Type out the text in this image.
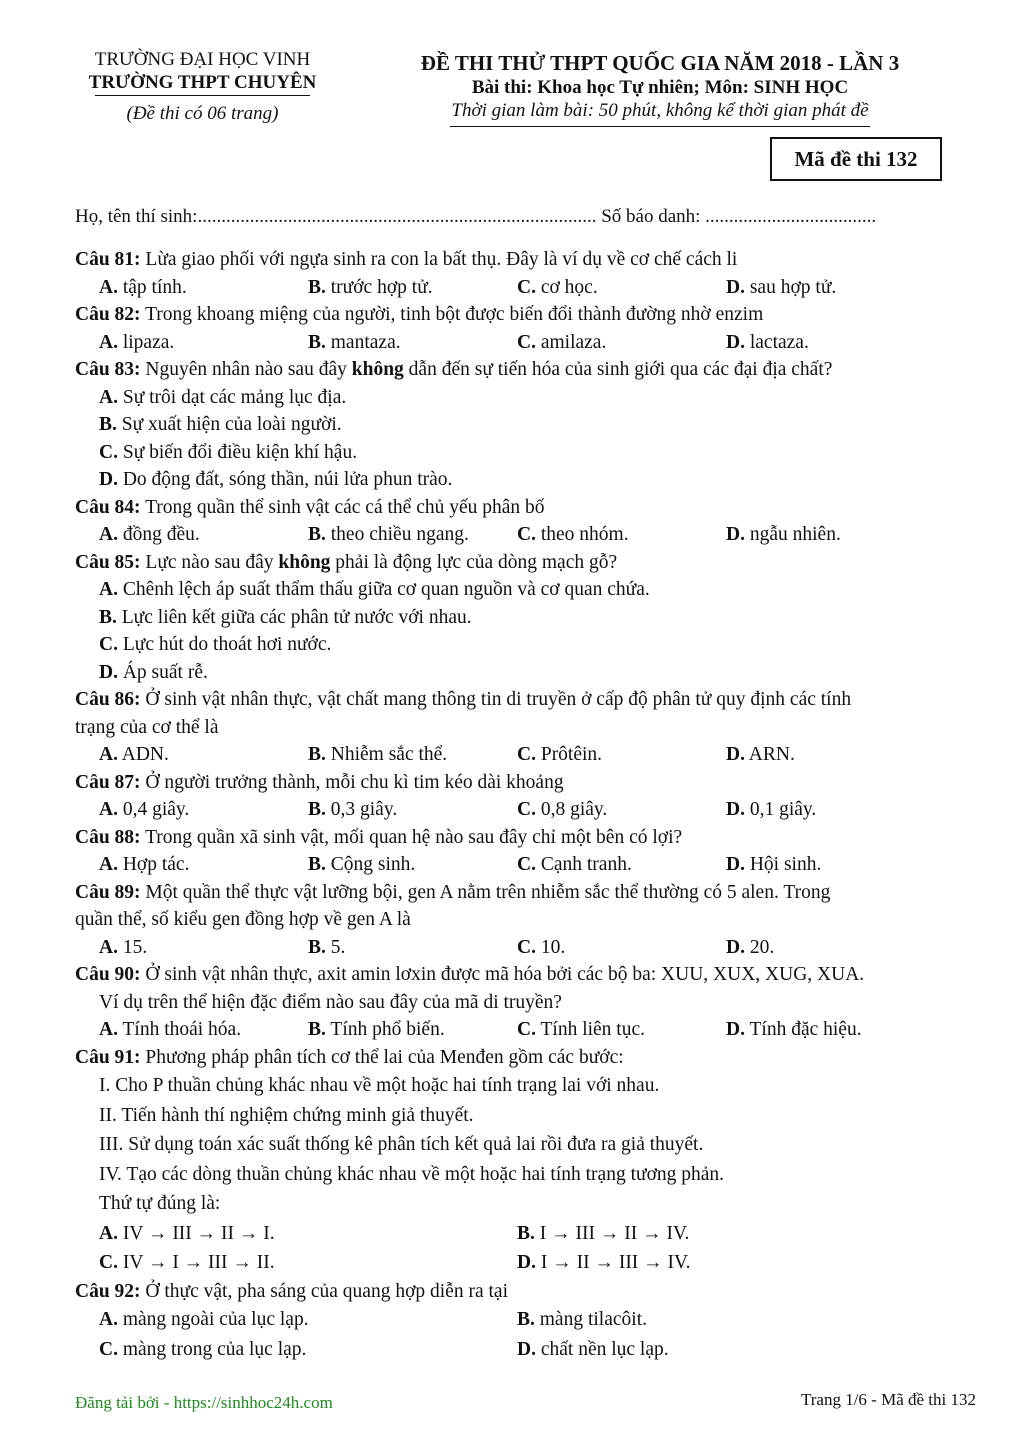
TRƯỜNG ĐẠI HỌC VINH
TRƯỜNG THPT CHUYÊN
(Đề thi có 06 trang)
ĐỀ THI THỬ THPT QUỐC GIA NĂM 2018 - LẦN 3
Bài thi: Khoa học Tự nhiên; Môn: SINH HỌC
Thời gian làm bài: 50 phút, không kể thời gian phát đề
Mã đề thi 132
Họ, tên thí sinh:.................................................................................... Số báo danh: ....................................
Câu 81: Lừa giao phối với ngựa sinh ra con la bất thụ. Đây là ví dụ về cơ chế cách li
A. tập tính.	B. trước hợp tử.	C. cơ học.	D. sau hợp tử.
Câu 82: Trong khoang miệng của người, tinh bột được biến đổi thành đường nhờ enzim
A. lipaza.	B. mantaza.	C. amilaza.	D. lactaza.
Câu 83: Nguyên nhân nào sau đây không dẫn đến sự tiến hóa của sinh giới qua các đại địa chất?
A. Sự trôi dạt các mảng lục địa.
B. Sự xuất hiện của loài người.
C. Sự biến đổi điều kiện khí hậu.
D. Do động đất, sóng thần, núi lửa phun trào.
Câu 84: Trong quần thể sinh vật các cá thể chủ yếu phân bố
A. đồng đều.	B. theo chiều ngang.	C. theo nhóm.	D. ngẫu nhiên.
Câu 85: Lực nào sau đây không phải là động lực của dòng mạch gỗ?
A. Chênh lệch áp suất thẩm thấu giữa cơ quan nguồn và cơ quan chứa.
B. Lực liên kết giữa các phân tử nước với nhau.
C. Lực hút do thoát hơi nước.
D. Áp suất rễ.
Câu 86: Ở sinh vật nhân thực, vật chất mang thông tin di truyền ở cấp độ phân tử quy định các tính
trạng của cơ thể là
A. ADN.	B. Nhiễm sắc thể.	C. Prôtêin.	D. ARN.
Câu 87: Ở người trưởng thành, mỗi chu kì tim kéo dài khoảng
A. 0,4 giây.	B. 0,3 giây.	C. 0,8 giây.	D. 0,1 giây.
Câu 88: Trong quần xã sinh vật, mối quan hệ nào sau đây chỉ một bên có lợi?
A. Hợp tác.	B. Cộng sinh.	C. Cạnh tranh.	D. Hội sinh.
Câu 89: Một quần thể thực vật lưỡng bội, gen A nằm trên nhiễm sắc thể thường có 5 alen. Trong
quần thể, số kiểu gen đồng hợp về gen A là
A. 15.	B. 5.	C. 10.	D. 20.
Câu 90: Ở sinh vật nhân thực, axit amin lơxin được mã hóa bởi các bộ ba: XUU, XUX, XUG, XUA.
Ví dụ trên thể hiện đặc điểm nào sau đây của mã di truyền?
A. Tính thoái hóa.	B. Tính phổ biến.	C. Tính liên tục.	D. Tính đặc hiệu.
Câu 91: Phương pháp phân tích cơ thể lai của Menđen gồm các bước:
I. Cho P thuần chủng khác nhau về một hoặc hai tính trạng lai với nhau.
II. Tiến hành thí nghiệm chứng minh giả thuyết.
III. Sử dụng toán xác suất thống kê phân tích kết quả lai rồi đưa ra giả thuyết.
IV. Tạo các dòng thuần chủng khác nhau về một hoặc hai tính trạng tương phản.
Thứ tự đúng là:
A. IV → III → II → I.	B. I → III → II → IV.
C. IV → I → III → II.	D. I → II → III → IV.
Câu 92: Ở thực vật, pha sáng của quang hợp diễn ra tại
A. màng ngoài của lục lạp.	B. màng tilacôit.
C. màng trong của lục lạp.	D. chất nền lục lạp.
Đăng tải bởi - https://sinhhoc24h.com	Trang 1/6 - Mã đề thi 132
